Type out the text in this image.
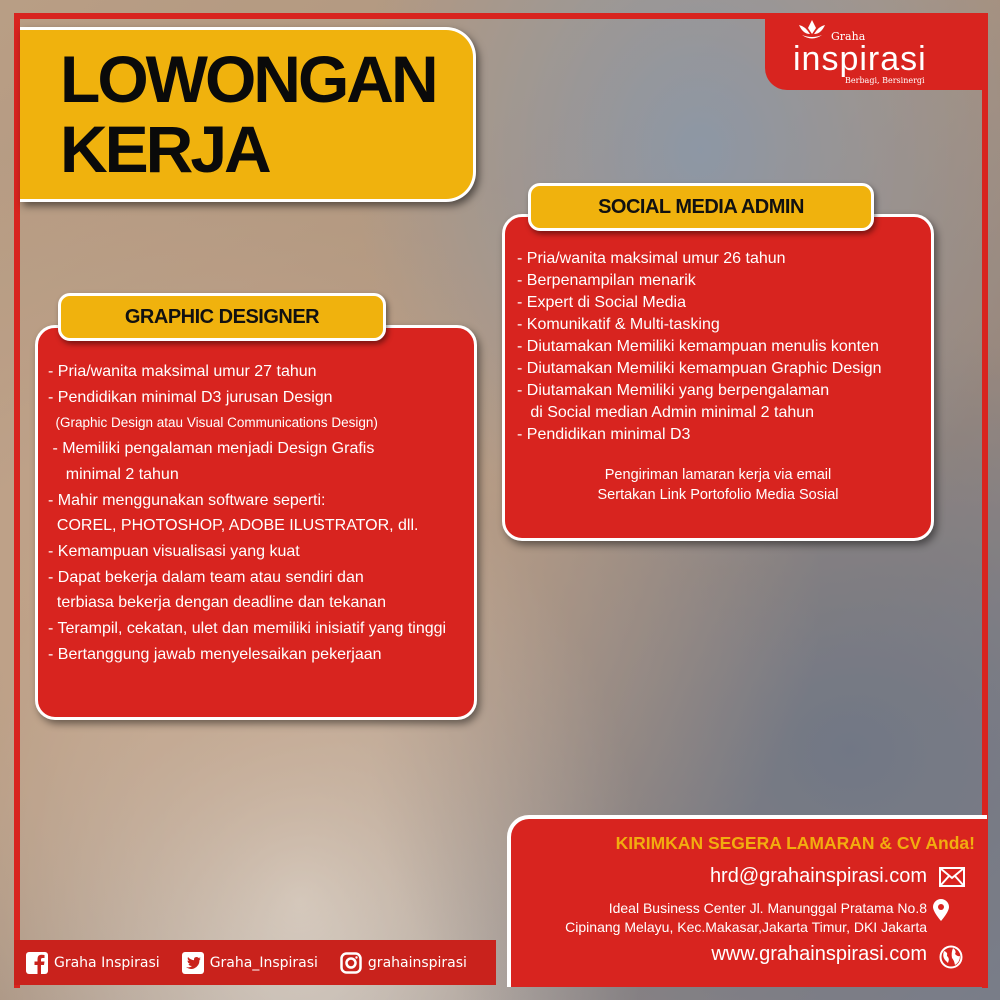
LOWONGAN
KERJA
Graha
inspirasi
Berbagi, Bersinergi
GRAPHIC DESIGNER
- Pria/wanita maksimal umur 27 tahun
- Pendidikan minimal D3 jurusan Design
(Graphic Design atau Visual Communications Design)
- Memiliki pengalaman menjadi Design Grafis
minimal 2 tahun
- Mahir menggunakan software seperti:
COREL, PHOTOSHOP, ADOBE ILUSTRATOR, dll.
- Kemampuan visualisasi yang kuat
- Dapat bekerja dalam team atau sendiri dan
terbiasa bekerja dengan deadline dan tekanan
- Terampil, cekatan, ulet dan memiliki inisiatif yang tinggi
- Bertanggung jawab menyelesaikan pekerjaan
SOCIAL MEDIA ADMIN
- Pria/wanita maksimal umur 26 tahun
- Berpenampilan menarik
- Expert di Social Media
- Komunikatif & Multi-tasking
- Diutamakan Memiliki kemampuan menulis konten
- Diutamakan Memiliki kemampuan Graphic Design
- Diutamakan Memiliki yang berpengalaman
di Social median Admin minimal 2 tahun
- Pendidikan minimal D3
Pengiriman lamaran kerja via email
Sertakan Link Portofolio Media Sosial
KIRIMKAN SEGERA LAMARAN & CV Anda!
hrd@grahainspirasi.com
Ideal Business Center Jl. Manunggal Pratama No.8
Cipinang Melayu, Kec.Makasar,Jakarta Timur, DKI Jakarta
www.grahainspirasi.com
Graha Inspirasi	Graha_Inspirasi	grahainspirasi
